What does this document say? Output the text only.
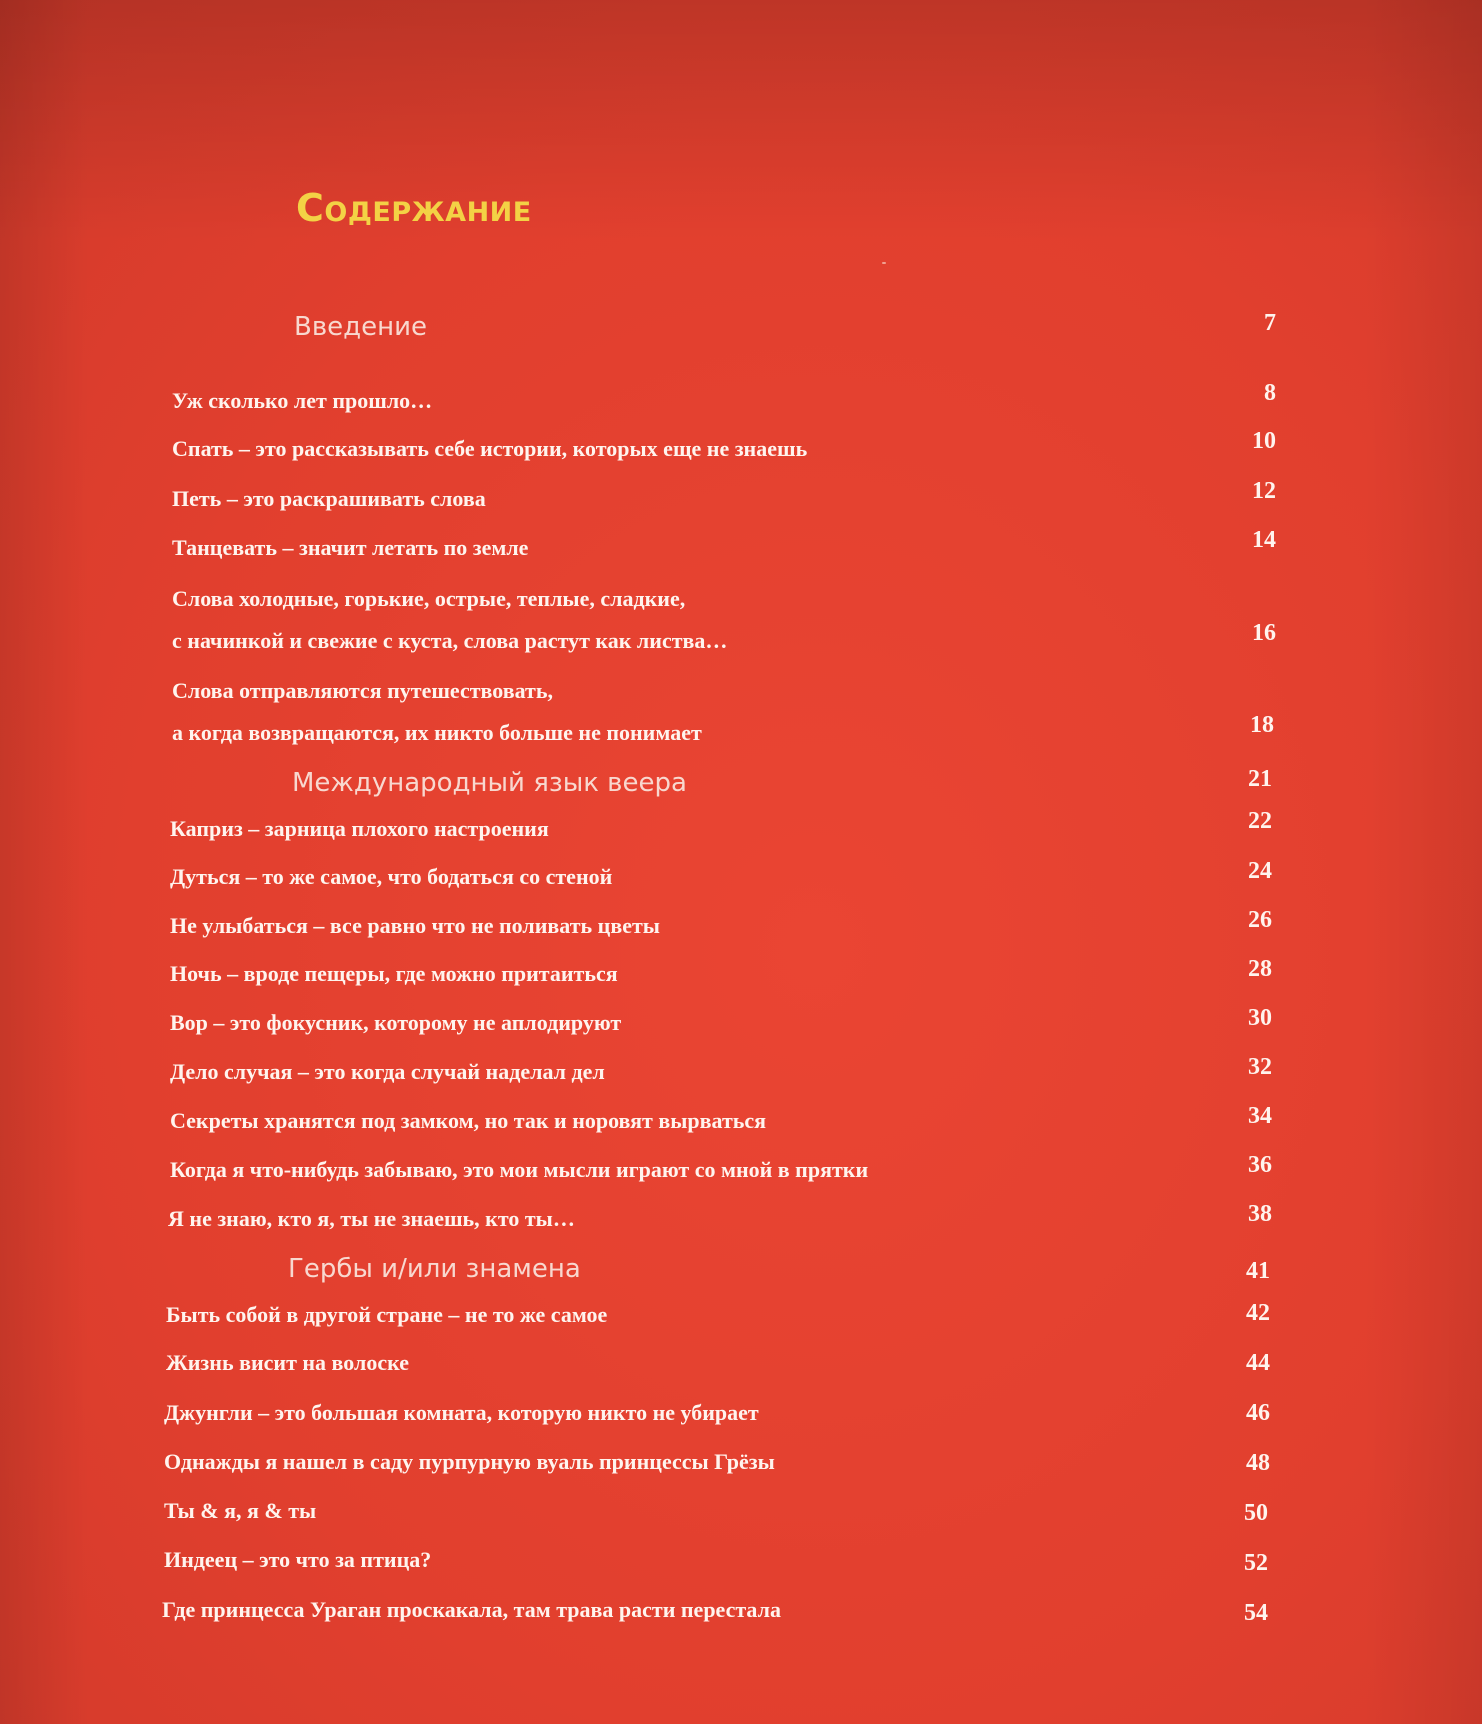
Содержание
Введение	7
Уж сколько лет прошло…	8
Спать – это рассказывать себе истории, которых еще не знаешь	10
Петь – это раскрашивать слова	12
Танцевать – значит летать по земле	14
Слова холодные, горькие, острые, теплые, сладкие,
с начинкой и свежие с куста, слова растут как листва…	16
Слова отправляются путешествовать,
а когда возвращаются, их никто больше не понимает	18
Международный язык веера	21
Каприз – зарница плохого настроения	22
Дуться – то же самое, что бодаться со стеной	24
Не улыбаться – все равно что не поливать цветы	26
Ночь – вроде пещеры, где можно притаиться	28
Вор – это фокусник, которому не аплодируют	30
Дело случая – это когда случай наделал дел	32
Секреты хранятся под замком, но так и норовят вырваться	34
Когда я что-нибудь забываю, это мои мысли играют со мной в прятки	36
Я не знаю, кто я, ты не знаешь, кто ты…	38
Гербы и/или знамена	41
Быть собой в другой стране – не то же самое	42
Жизнь висит на волоске	44
Джунгли – это большая комната, которую никто не убирает	46
Однажды я нашел в саду пурпурную вуаль принцессы Грёзы	48
Ты & я, я & ты	50
Индеец – это что за птица?	52
Где принцесса Ураган проскакала, там трава расти перестала	54
